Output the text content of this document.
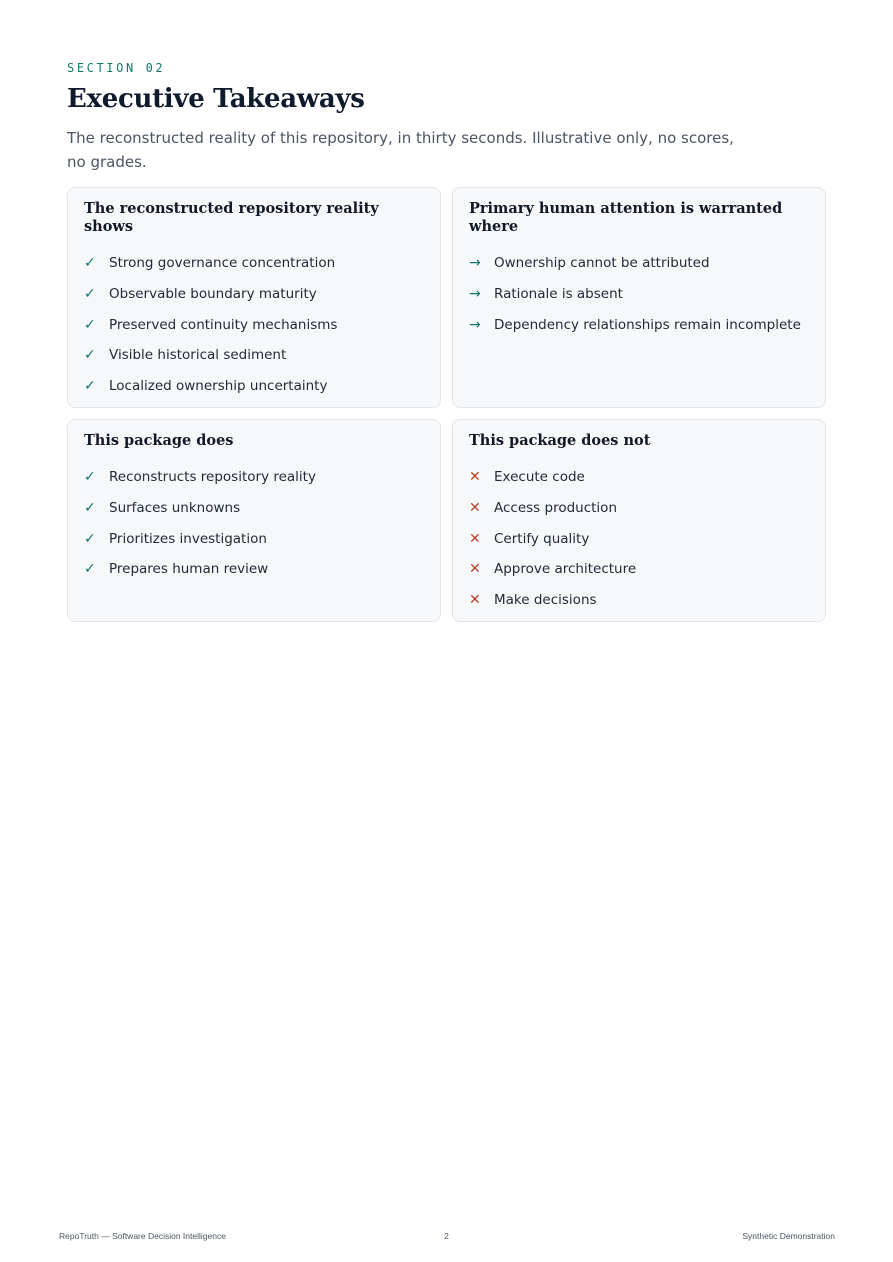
SECTION 02
Executive Takeaways

The reconstructed reality of this repository, in thirty seconds. Illustrative only, no scores, no grades.

The reconstructed repository reality shows
✓ Strong governance concentration
✓ Observable boundary maturity
✓ Preserved continuity mechanisms
✓ Visible historical sediment
✓ Localized ownership uncertainty
Primary human attention is warranted where
→ Ownership cannot be attributed
→ Rationale is absent
→ Dependency relationships remain incomplete
This package does
✓ Reconstructs repository reality
✓ Surfaces unknowns
✓ Prioritizes investigation
✓ Prepares human review
This package does not
✕ Execute code
✕ Access production
✕ Certify quality
✕ Approve architecture
✕ Make decisions
RepoTruth — Software Decision Intelligence	2	Synthetic Demonstration
